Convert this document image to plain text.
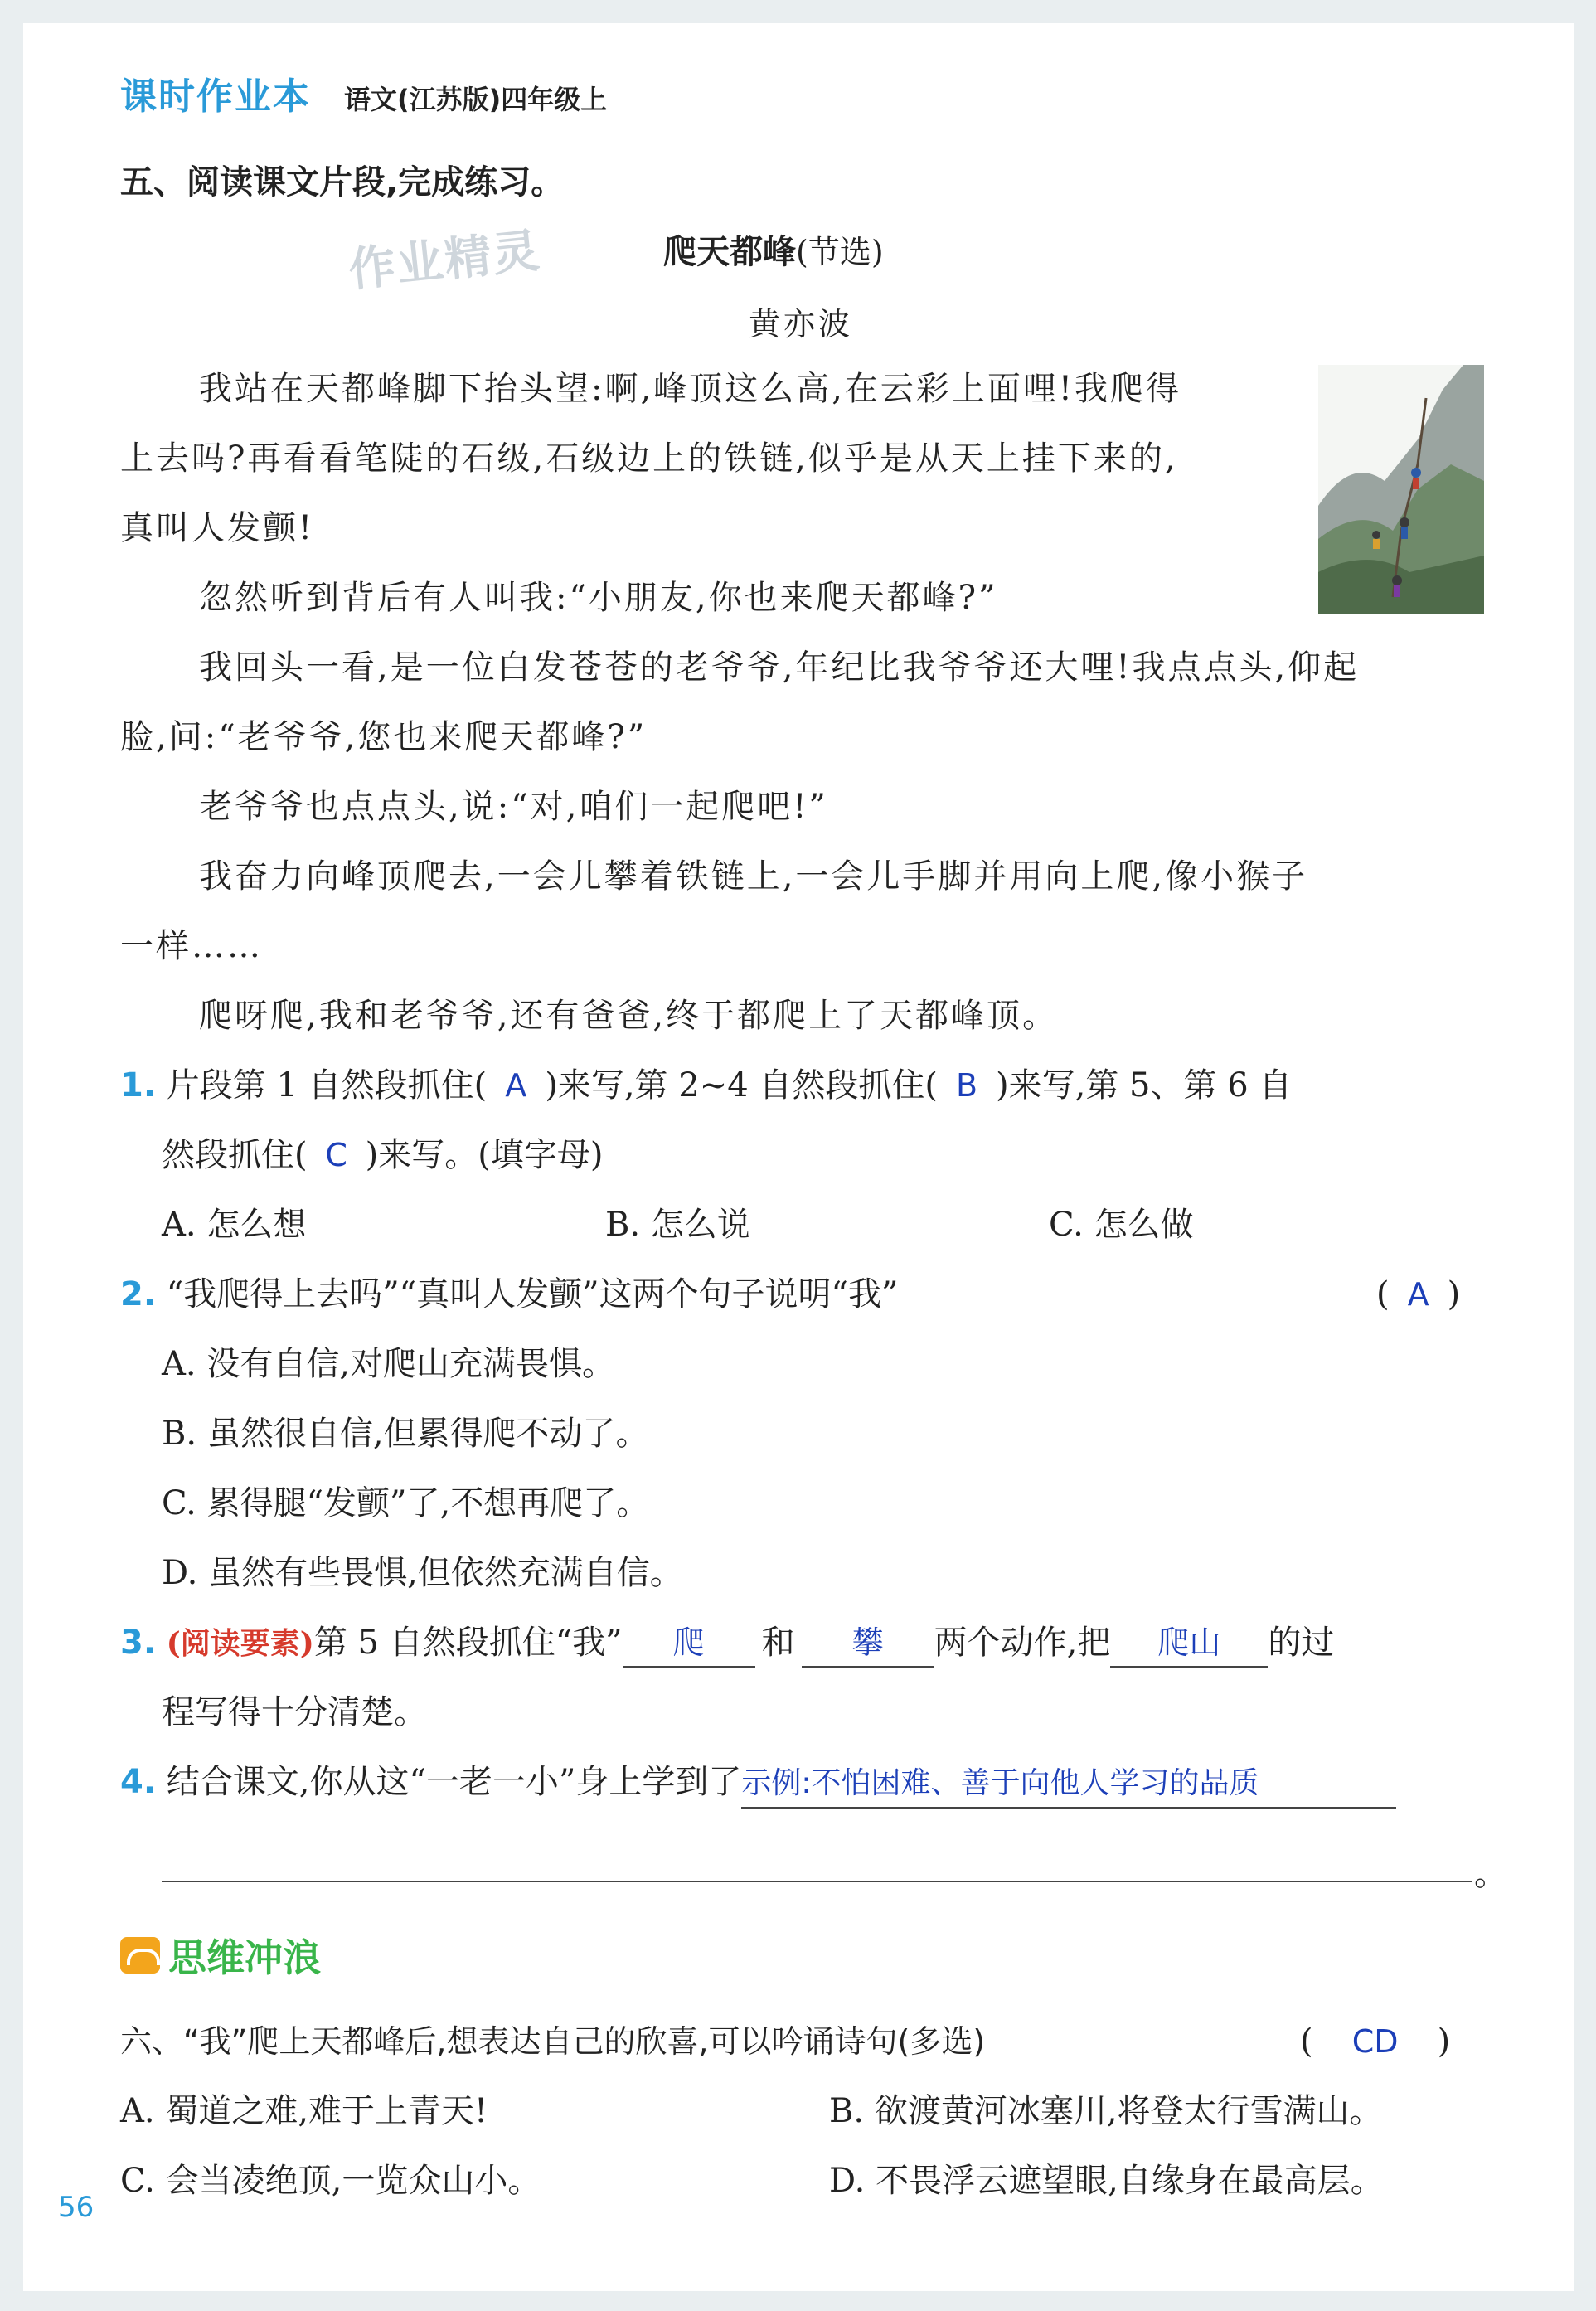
课时作业本 语文(江苏版)四年级上
五、阅读课文片段,完成练习。
作业精灵	爬天都峰(节选)
黄亦波
我站在天都峰脚下抬头望:啊,峰顶这么高,在云彩上面哩!我爬得
上去吗?再看看笔陡的石级,石级边上的铁链,似乎是从天上挂下来的,
真叫人发颤!
忽然听到背后有人叫我:“小朋友,你也来爬天都峰?”
我回头一看,是一位白发苍苍的老爷爷,年纪比我爷爷还大哩!我点点头,仰起
脸,问:“老爷爷,您也来爬天都峰?”
老爷爷也点点头,说:“对,咱们一起爬吧!”
我奋力向峰顶爬去,一会儿攀着铁链上,一会儿手脚并用向上爬,像小猴子
一样……
爬呀爬,我和老爷爷,还有爸爸,终于都爬上了天都峰顶。
1. 片段第 1 自然段抓住( A )来写,第 2~4 自然段抓住( B )来写,第 5、第 6 自
然段抓住( C )来写。(填字母)
A. 怎么想	B. 怎么说	C. 怎么做
2. “我爬得上去吗”“真叫人发颤”这两个句子说明“我”	( A )
A. 没有自信,对爬山充满畏惧。
B. 虽然很自信,但累得爬不动了。
C. 累得腿“发颤”了,不想再爬了。
D. 虽然有些畏惧,但依然充满自信。
3. (阅读要素)第 5 自然段抓住“我” 爬 和 攀 两个动作,把 爬山 的过
程写得十分清楚。
4. 结合课文,你从这“一老一小”身上学到了示例:不怕困难、善于向他人学习的品质
。
思维冲浪
六、“我”爬上天都峰后,想表达自己的欣喜,可以吟诵诗句(多选)	( CD )
A. 蜀道之难,难于上青天!	B. 欲渡黄河冰塞川,将登太行雪满山。
C. 会当凌绝顶,一览众山小。	D. 不畏浮云遮望眼,自缘身在最高层。
56
